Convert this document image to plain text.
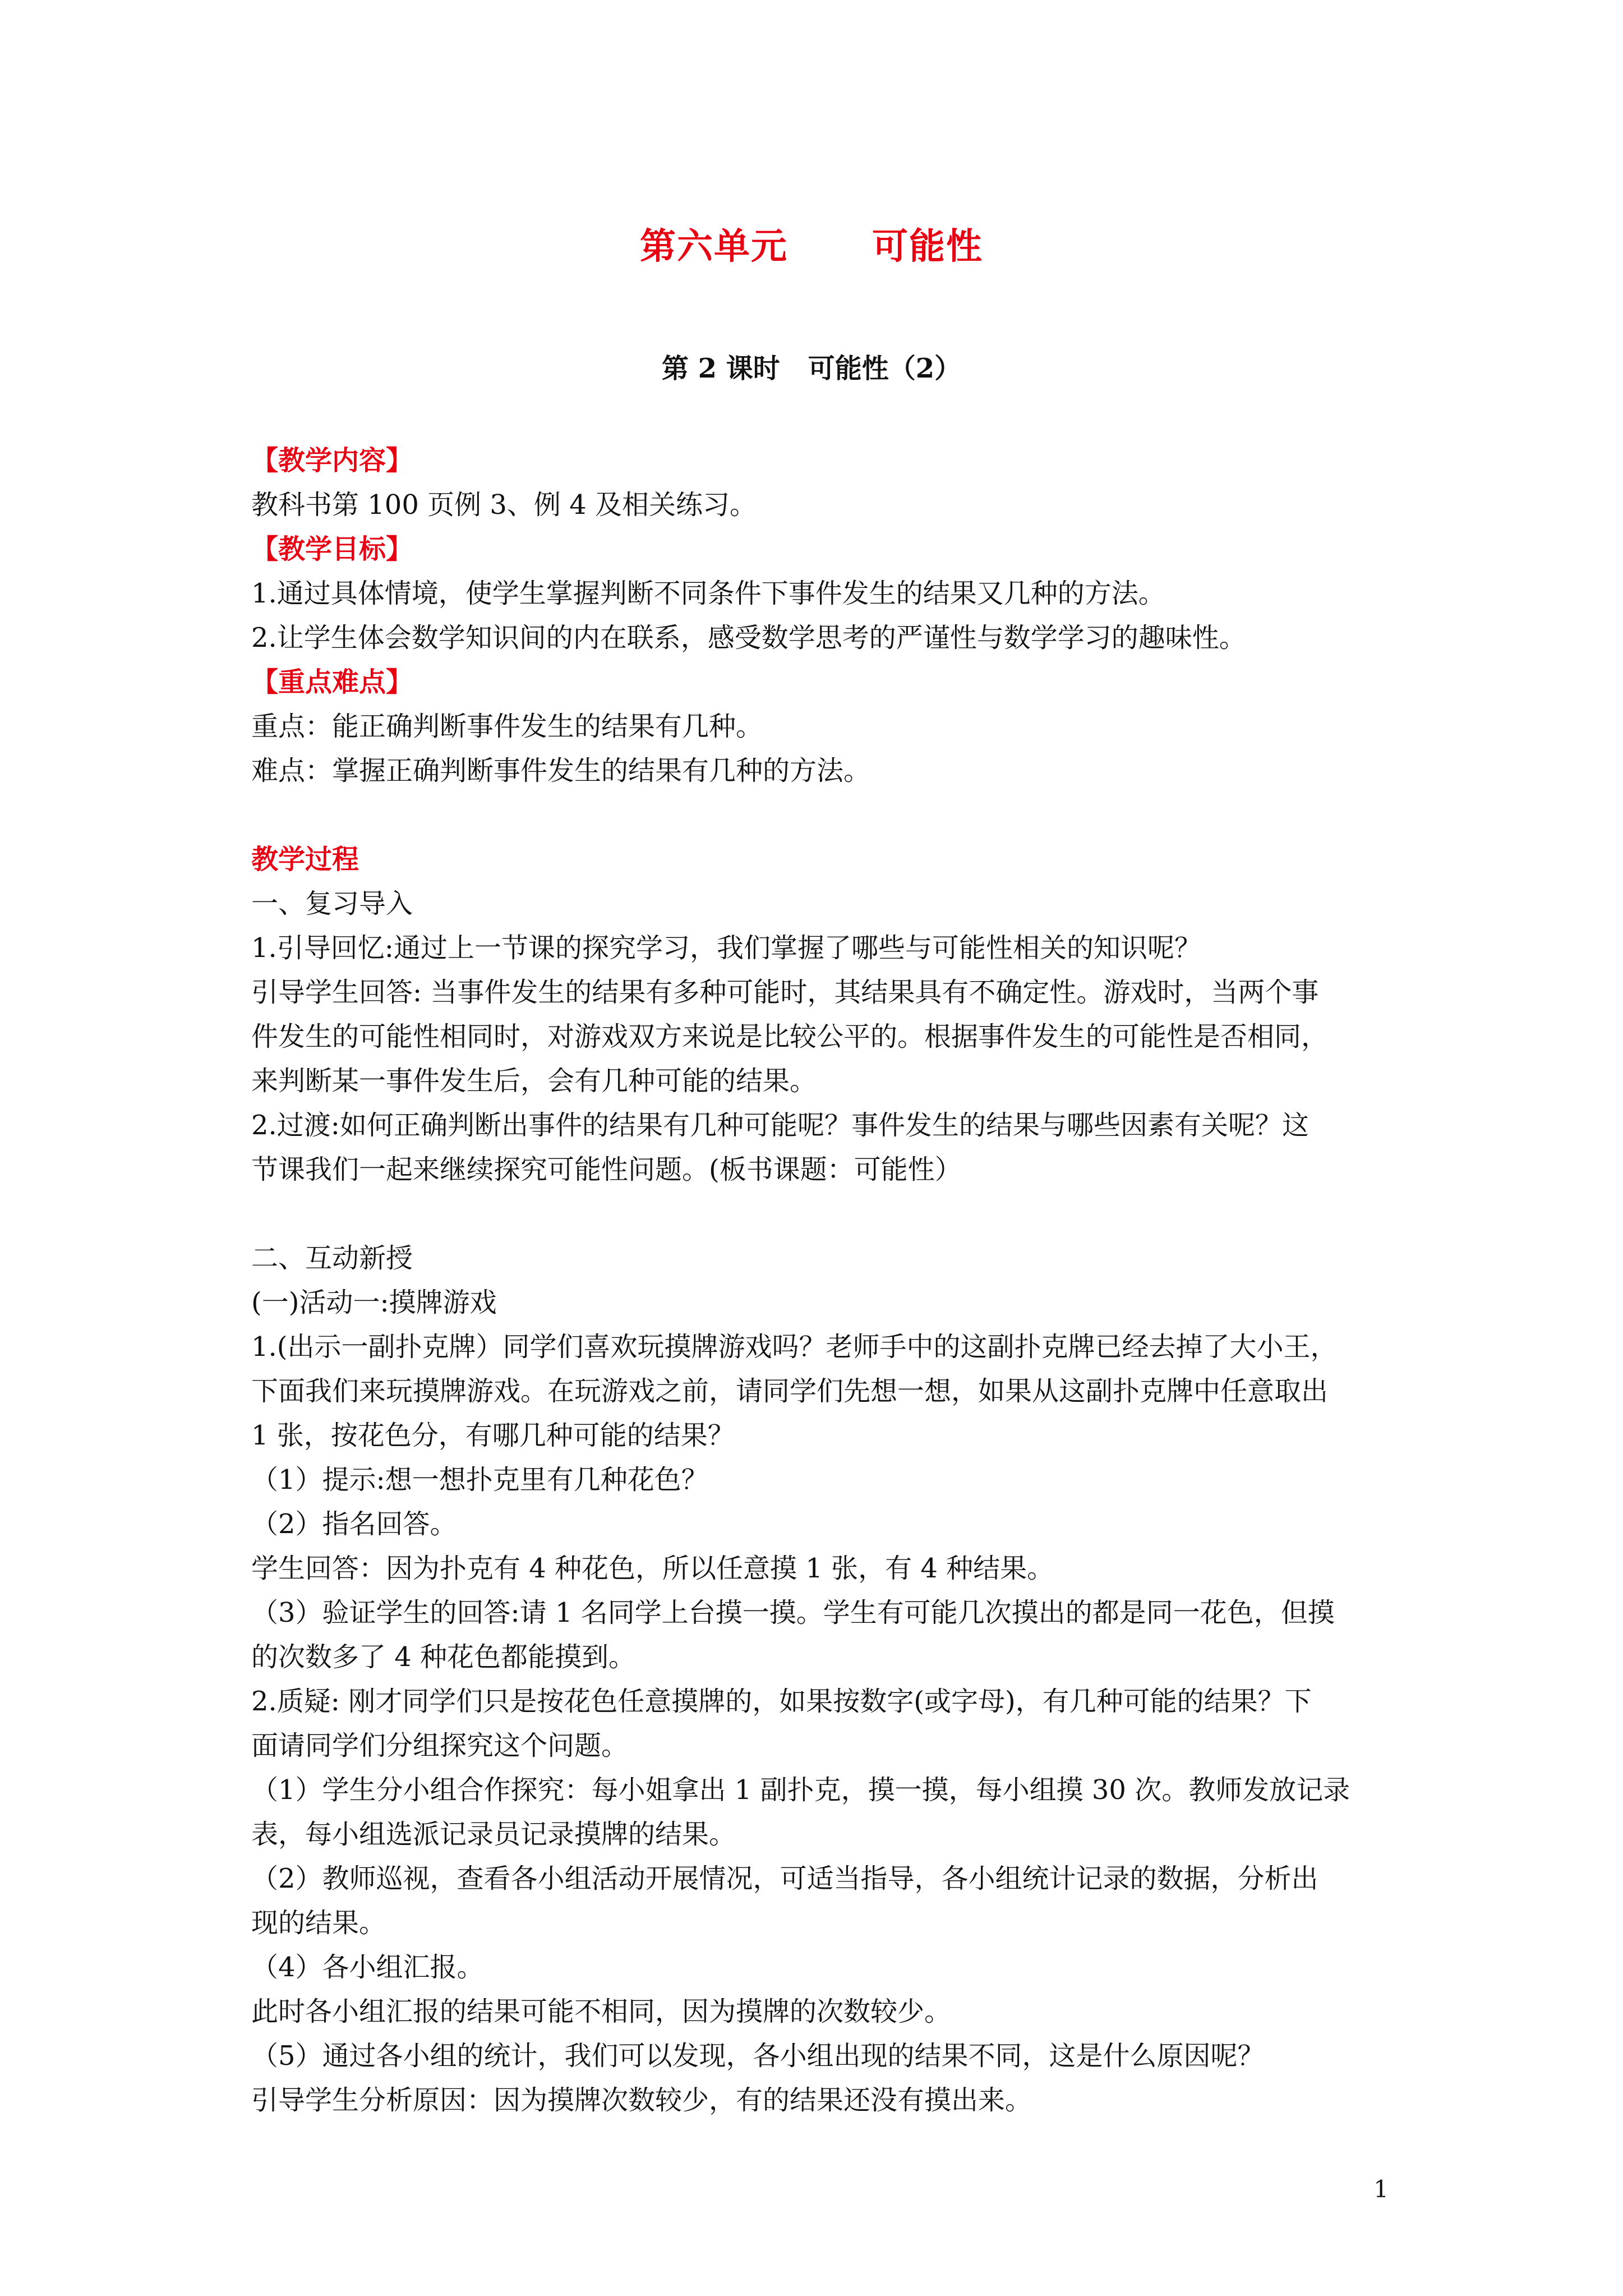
第六单元 可能性
第 2 课时 可能性（2）
【教学内容】
教科书第 100 页例 3、例 4 及相关练习。
【教学目标】
1.通过具体情境，使学生掌握判断不同条件下事件发生的结果又几种的方法。
2.让学生体会数学知识间的内在联系，感受数学思考的严谨性与数学学习的趣味性。
【重点难点】
重点：能正确判断事件发生的结果有几种。
难点：掌握正确判断事件发生的结果有几种的方法。
教学过程
一、复习导入
1.引导回忆:通过上一节课的探究学习，我们掌握了哪些与可能性相关的知识呢？
引导学生回答: 当事件发生的结果有多种可能时，其结果具有不确定性。游戏时，当两个事
件发生的可能性相同时，对游戏双方来说是比较公平的。根据事件发生的可能性是否相同，
来判断某一事件发生后，会有几种可能的结果。
2.过渡:如何正确判断出事件的结果有几种可能呢？事件发生的结果与哪些因素有关呢？这
节课我们一起来继续探究可能性问题。(板书课题：可能性）
二、互动新授
(一)活动一:摸牌游戏
1.(出示一副扑克牌）同学们喜欢玩摸牌游戏吗？老师手中的这副扑克牌已经去掉了大小王，
下面我们来玩摸牌游戏。在玩游戏之前，请同学们先想一想，如果从这副扑克牌中任意取出
1 张，按花色分，有哪几种可能的结果？
（1）提示:想一想扑克里有几种花色？
（2）指名回答。
学生回答：因为扑克有 4 种花色，所以任意摸 1 张，有 4 种结果。
（3）验证学生的回答:请 1 名同学上台摸一摸。学生有可能几次摸出的都是同一花色，但摸
的次数多了 4 种花色都能摸到。
2.质疑: 刚才同学们只是按花色任意摸牌的，如果按数字(或字母)，有几种可能的结果？下
面请同学们分组探究这个问题。
（1）学生分小组合作探究：每小姐拿出 1 副扑克，摸一摸，每小组摸 30 次。教师发放记录
表，每小组选派记录员记录摸牌的结果。
（2）教师巡视，查看各小组活动开展情况，可适当指导，各小组统计记录的数据，分析出
现的结果。
（4）各小组汇报。
此时各小组汇报的结果可能不相同，因为摸牌的次数较少。
（5）通过各小组的统计，我们可以发现，各小组出现的结果不同，这是什么原因呢？
引导学生分析原因：因为摸牌次数较少，有的结果还没有摸出来。
1
